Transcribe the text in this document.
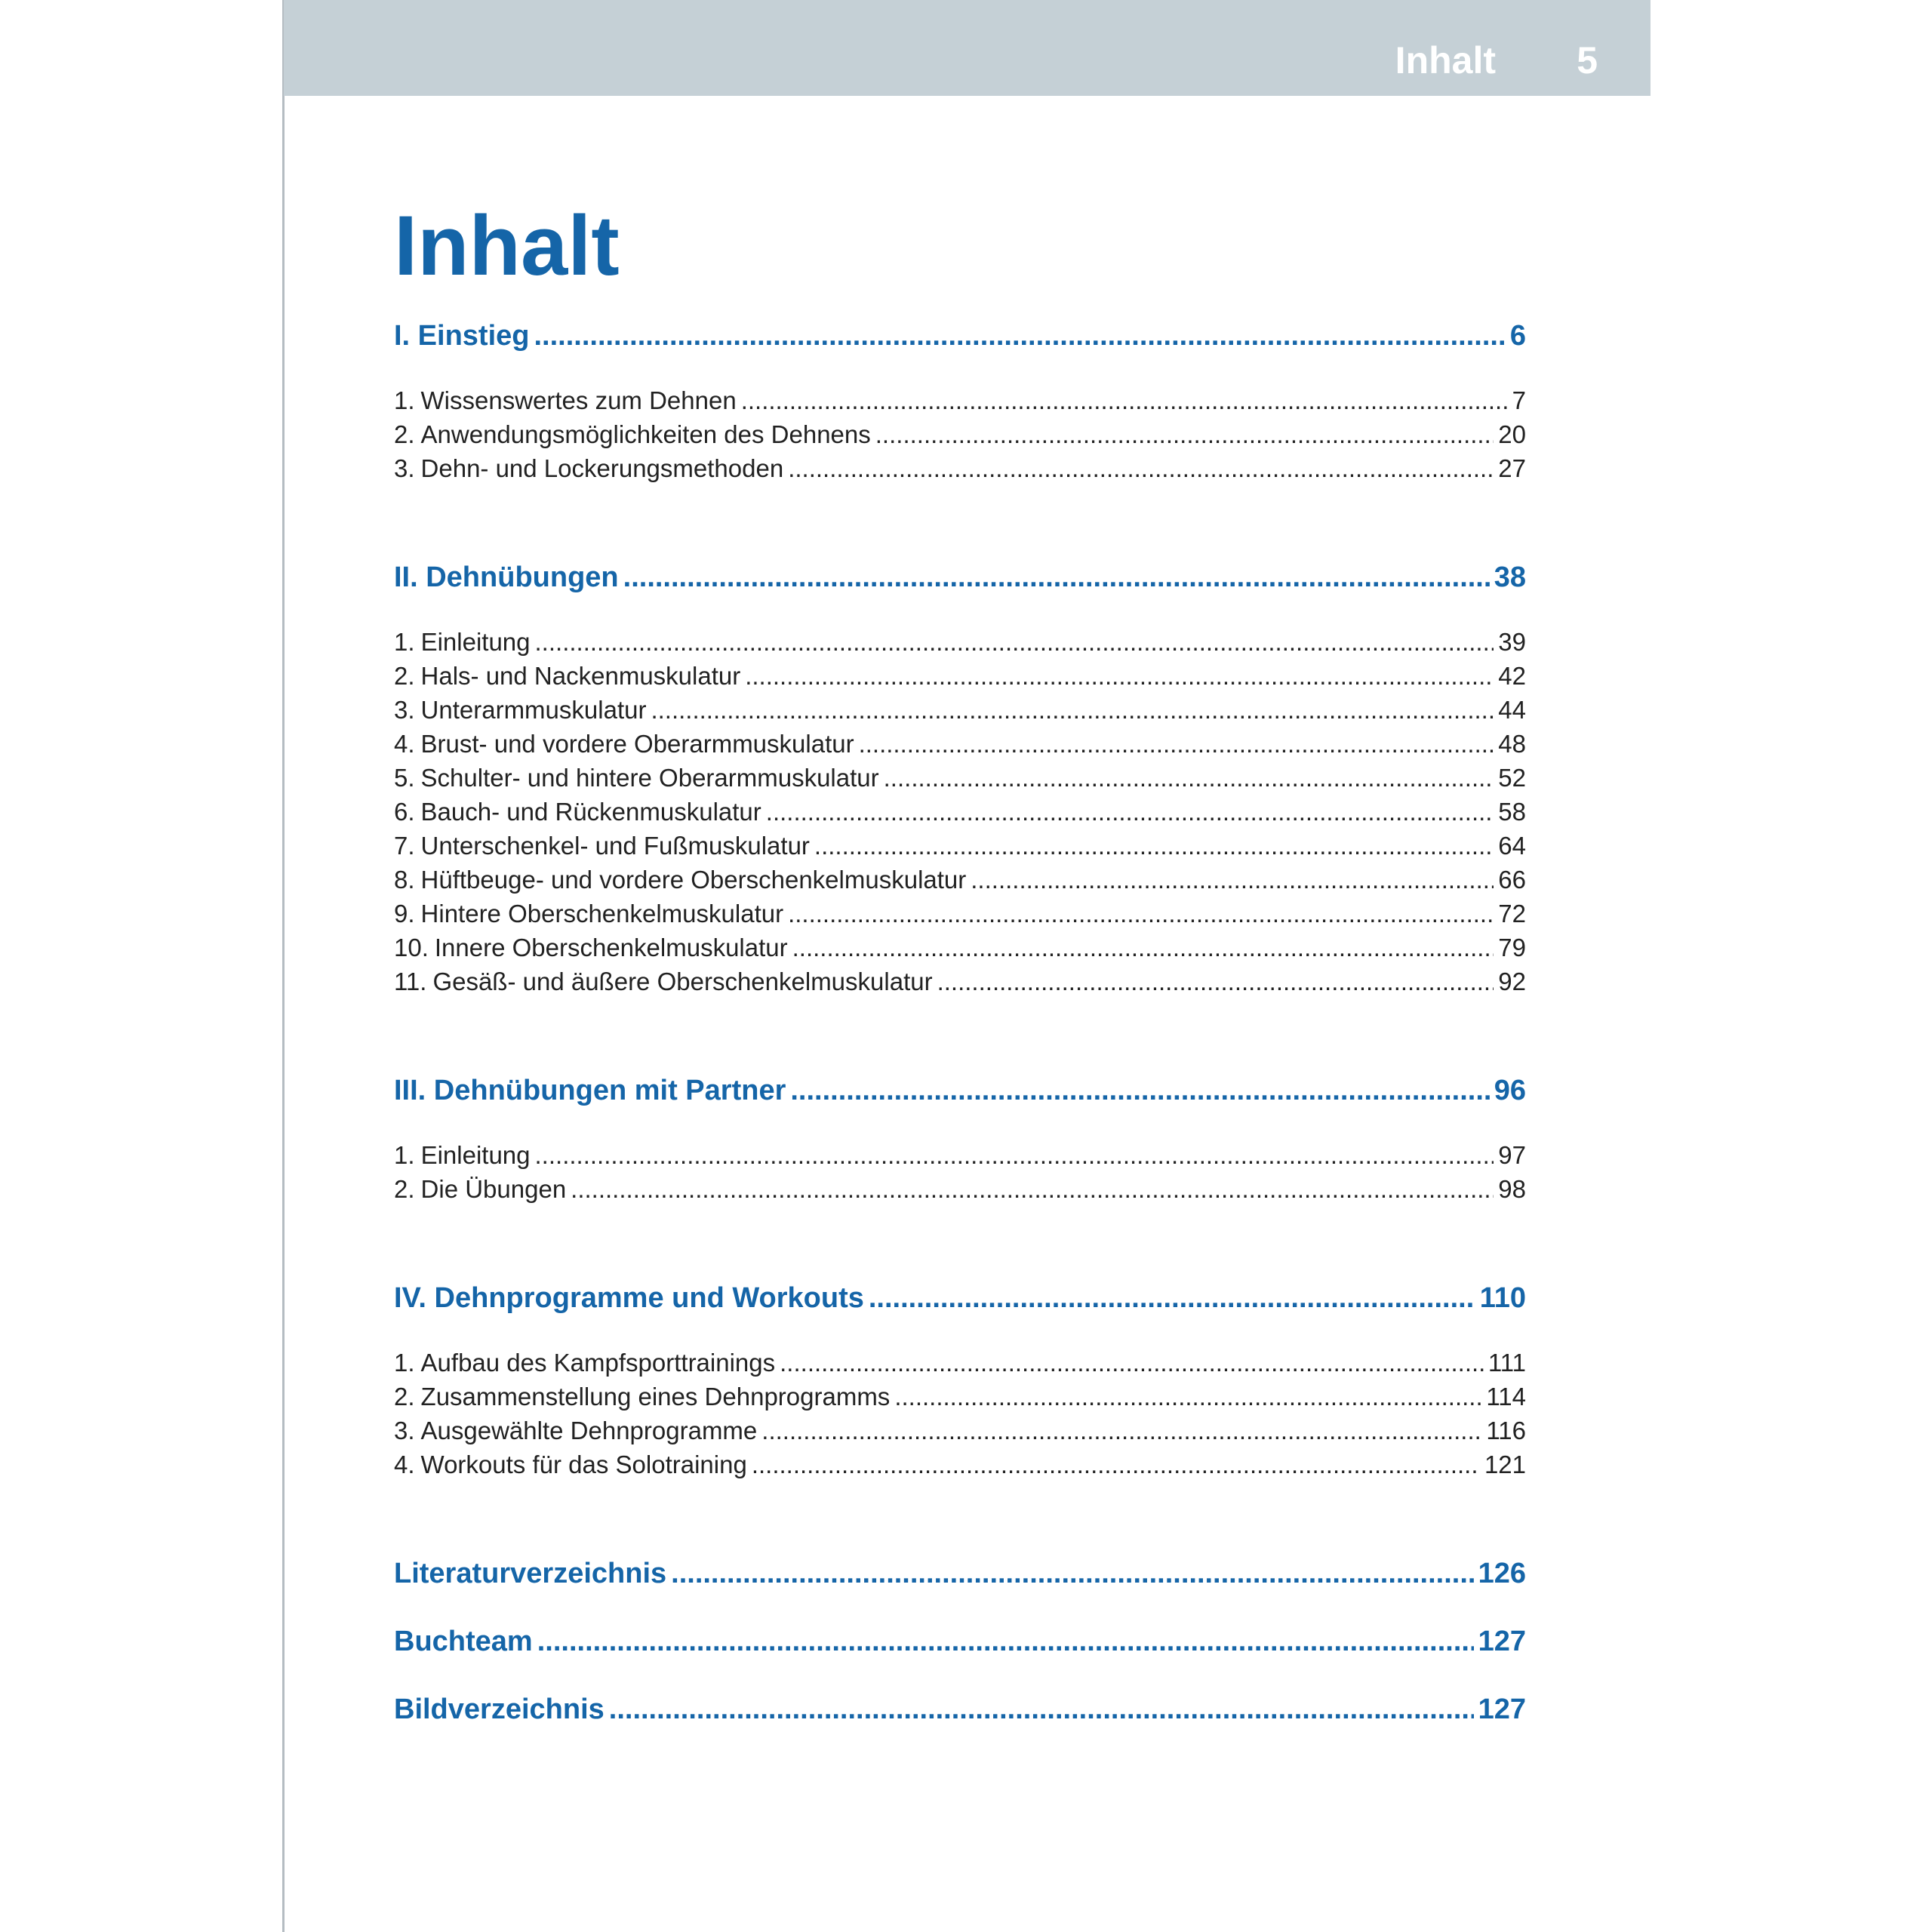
Inhalt 5
Inhalt
I. Einstieg .....	6
1. Wissenswertes zum Dehnen .....	7
2. Anwendungsmöglichkeiten des Dehnens .....	20
3. Dehn- und Lockerungsmethoden .....	27
II. Dehnübungen .....	38
1. Einleitung .....	39
2. Hals- und Nackenmuskulatur .....	42
3. Unterarmmuskulatur .....	44
4. Brust- und vordere Oberarmmuskulatur .....	48
5. Schulter- und hintere Oberarmmuskulatur .....	52
6. Bauch- und Rückenmuskulatur .....	58
7. Unterschenkel- und Fußmuskulatur .....	64
8. Hüftbeuge- und vordere Oberschenkelmuskulatur .....	66
9. Hintere Oberschenkelmuskulatur .....	72
10. Innere Oberschenkelmuskulatur .....	79
11. Gesäß- und äußere Oberschenkelmuskulatur .....	92
III. Dehnübungen mit Partner .....	96
1. Einleitung .....	97
2. Die Übungen .....	98
IV. Dehnprogramme und Workouts .....	110
1. Aufbau des Kampfsporttrainings .....	111
2. Zusammenstellung eines Dehnprogramms .....	114
3. Ausgewählte Dehnprogramme .....	116
4. Workouts für das Solotraining .....	121
Literaturverzeichnis .....	126
Buchteam .....	127
Bildverzeichnis .....	127
